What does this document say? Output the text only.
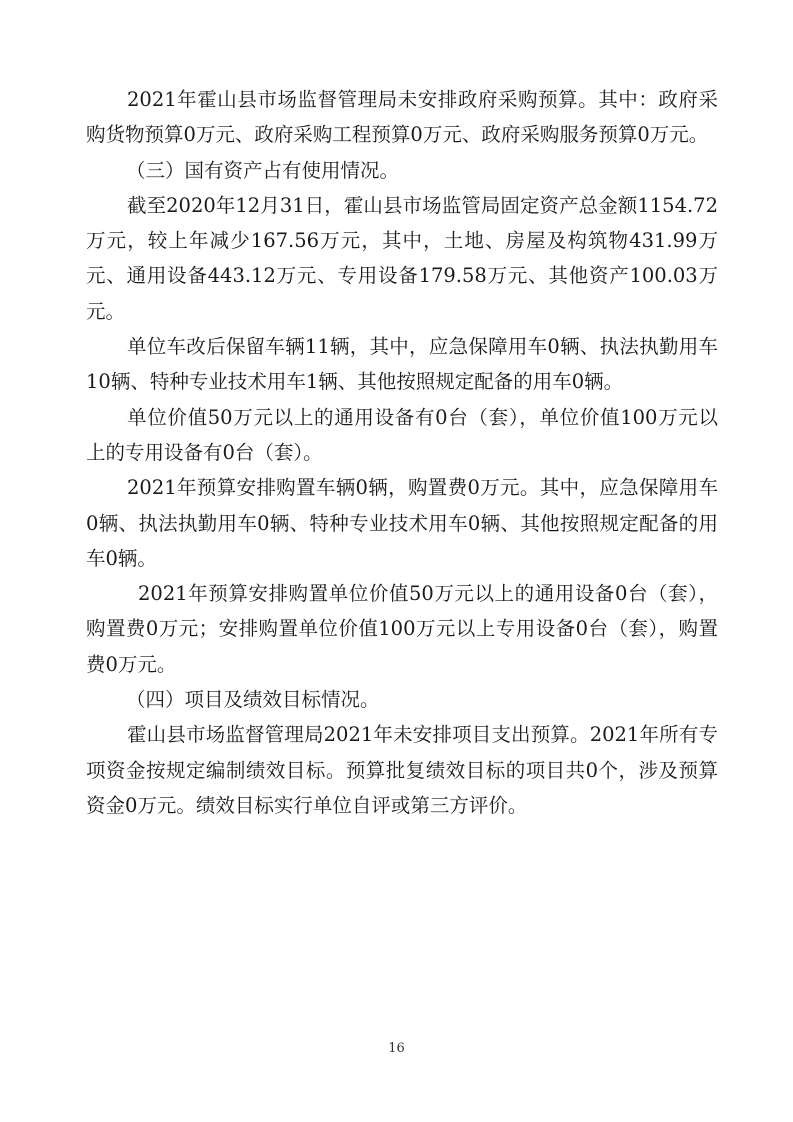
2021年霍山县市场监督管理局未安排政府采购预算。其中：政府采购货物预算0万元、政府采购工程预算0万元、政府采购服务预算0万元。

（三）国有资产占有使用情况。

截至2020年12月31日，霍山县市场监管局固定资产总金额1154.72万元，较上年减少167.56万元，其中，土地、房屋及构筑物431.99万元、通用设备443.12万元、专用设备179.58万元、其他资产100.03万元。

单位车改后保留车辆11辆，其中，应急保障用车0辆、执法执勤用车10辆、特种专业技术用车1辆、其他按照规定配备的用车0辆。

单位价值50万元以上的通用设备有0台（套），单位价值100万元以上的专用设备有0台（套）。

2021年预算安排购置车辆0辆，购置费0万元。其中，应急保障用车0辆、执法执勤用车0辆、特种专业技术用车0辆、其他按照规定配备的用车0辆。

2021年预算安排购置单位价值50万元以上的通用设备0台（套），购置费0万元；安排购置单位价值100万元以上专用设备0台（套），购置费0万元。

（四）项目及绩效目标情况。

霍山县市场监督管理局2021年未安排项目支出预算。2021年所有专项资金按规定编制绩效目标。预算批复绩效目标的项目共0个，涉及预算资金0万元。绩效目标实行单位自评或第三方评价。

16
